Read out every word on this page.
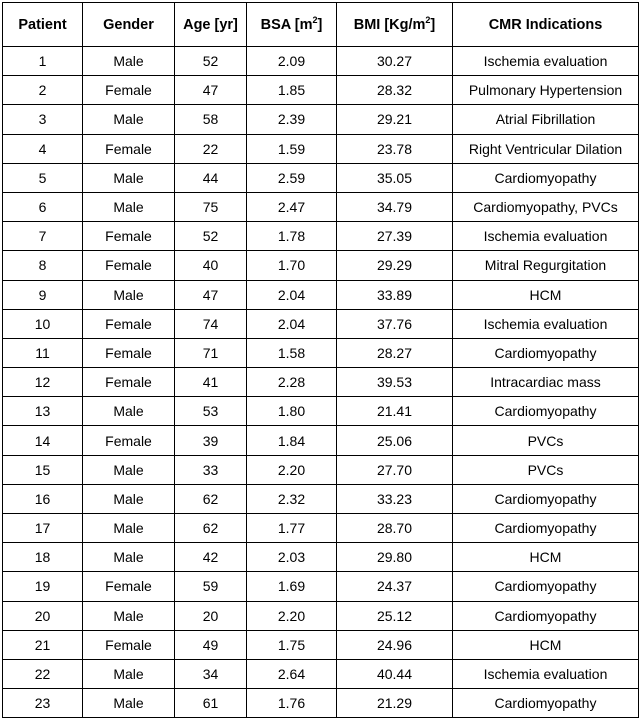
Patient	Gender	Age [yr]	BSA $[m^2]$	BMI $[Kg/m^2]$	CMR Indications
1	Male	52	2.09	30.27	Ischemia evaluation
2	Female	47	1.85	28.32	Pulmonary Hypertension
3	Male	58	2.39	29.21	Atrial Fibrillation
4	Female	22	1.59	23.78	Right Ventricular Dilation
5	Male	44	2.59	35.05	Cardiomyopathy
6	Male	75	2.47	34.79	Cardiomyopathy, PVCs
7	Female	52	1.78	27.39	Ischemia evaluation
8	Female	40	1.70	29.29	Mitral Regurgitation
9	Male	47	2.04	33.89	HCM
10	Female	74	2.04	37.76	Ischemia evaluation
11	Female	71	1.58	28.27	Cardiomyopathy
12	Female	41	2.28	39.53	Intracardiac mass
13	Male	53	1.80	21.41	Cardiomyopathy
14	Female	39	1.84	25.06	PVCs
15	Male	33	2.20	27.70	PVCs
16	Male	62	2.32	33.23	Cardiomyopathy
17	Male	62	1.77	28.70	Cardiomyopathy
18	Male	42	2.03	29.80	HCM
19	Female	59	1.69	24.37	Cardiomyopathy
20	Male	20	2.20	25.12	Cardiomyopathy
21	Female	49	1.75	24.96	HCM
22	Male	34	2.64	40.44	Ischemia evaluation
23	Male	61	1.76	21.29	Cardiomyopathy
